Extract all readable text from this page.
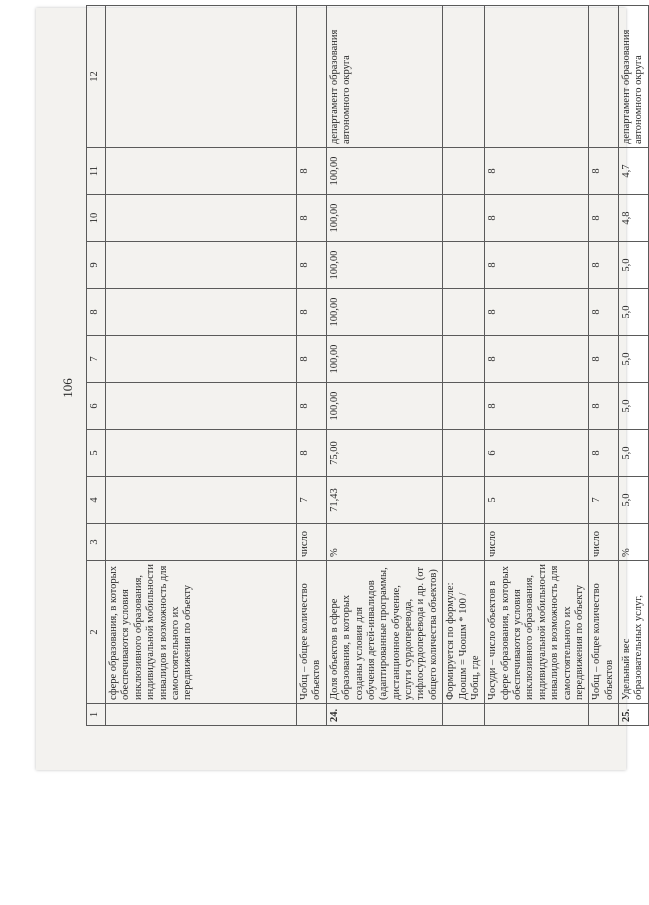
106
1	2	3	4	5	6	7	8	9	10	11	12
	сфере образования, в которых обеспечиваются условия инклюзивного образования, индивидуальной мобильности инвалидов и возможность для самостоятельного их передвижения по объекту										
	Чобщ – общее количество объектов	число	7	8	8	8	8	8	8	8	
24.	Доля объектов в сфере образования, в которых созданы условия для обучения детей-инвалидов (адаптированные программы, дистанционное обучение, услуги сурдоперевода, тифлосурдоперевода и др. (от общего количества объектов)	%	71,43	75,00	100,00	100,00	100,00	100,00	100,00	100,00	департамент образования автономного округа
	Формируется по формуле: Доошм = Чоошм * 100 / Чобщ, где										
	Чосуди – число объектов в сфере образования, в которых обеспечиваются условия инклюзивного образования, индивидуальной мобильности инвалидов и возможность для самостоятельного их передвижения по объекту	число	5	6	8	8	8	8	8	8	
	Чобщ – общее количество объектов	число	7	8	8	8	8	8	8	8	
25.	Удельный вес образовательных услуг,	%	5,0	5,0	5,0	5,0	5,0	5,0	4,8	4,7	департамент образования автономного округа
